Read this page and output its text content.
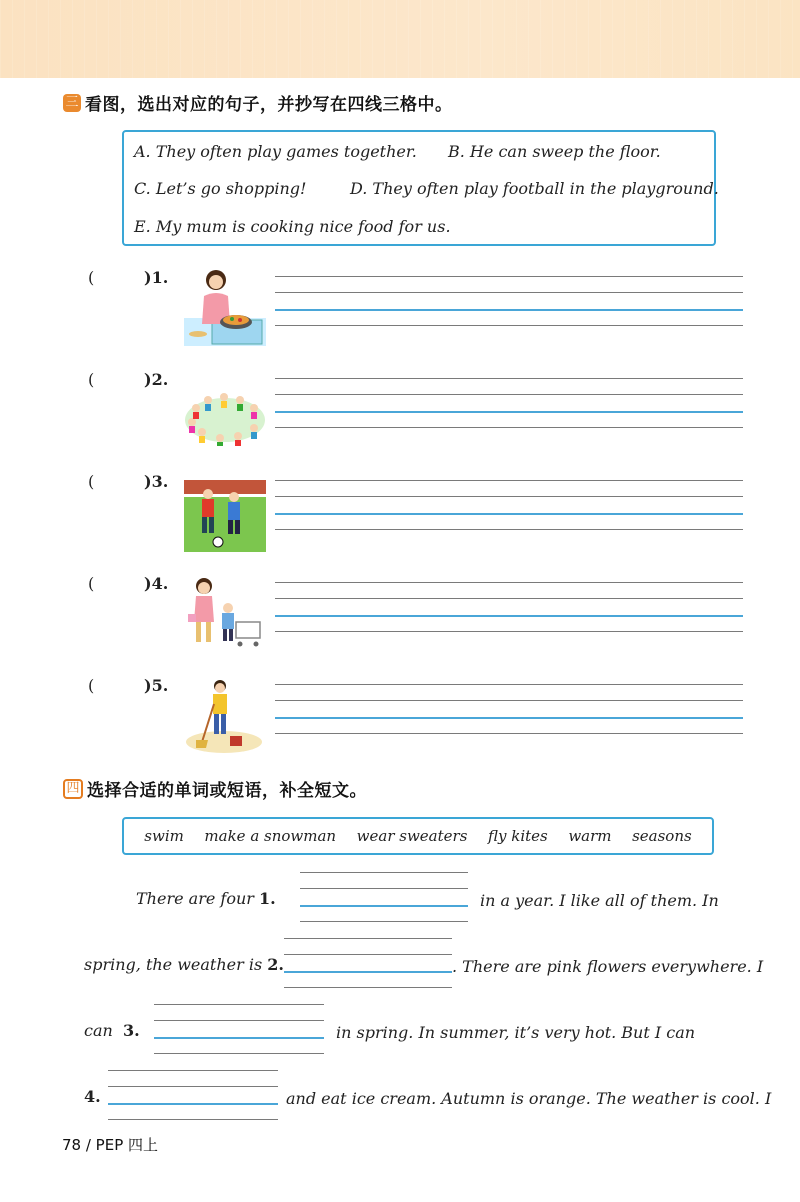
三 看图，选出对应的句子，并抄写在四线三格中。
A. They often play games together. B. He can sweep the floor.
C. Let’s go shopping!	D. They often play football in the playground.
E. My mum is cooking nice food for us.
(	)1.
(	)2.
(	)3.
(	)4.
(	)5.
四 选择合适的单词或短语，补全短文。
swim make a snowman wear sweaters fly kites warm seasons
There are four 1.	in a year. I like all of them. In
spring, the weather is 2.	. There are pink flowers everywhere. I
can 3.	in spring. In summer, it’s very hot. But I can
4.	and eat ice cream. Autumn is orange. The weather is cool. I
78 / PEP 四上
